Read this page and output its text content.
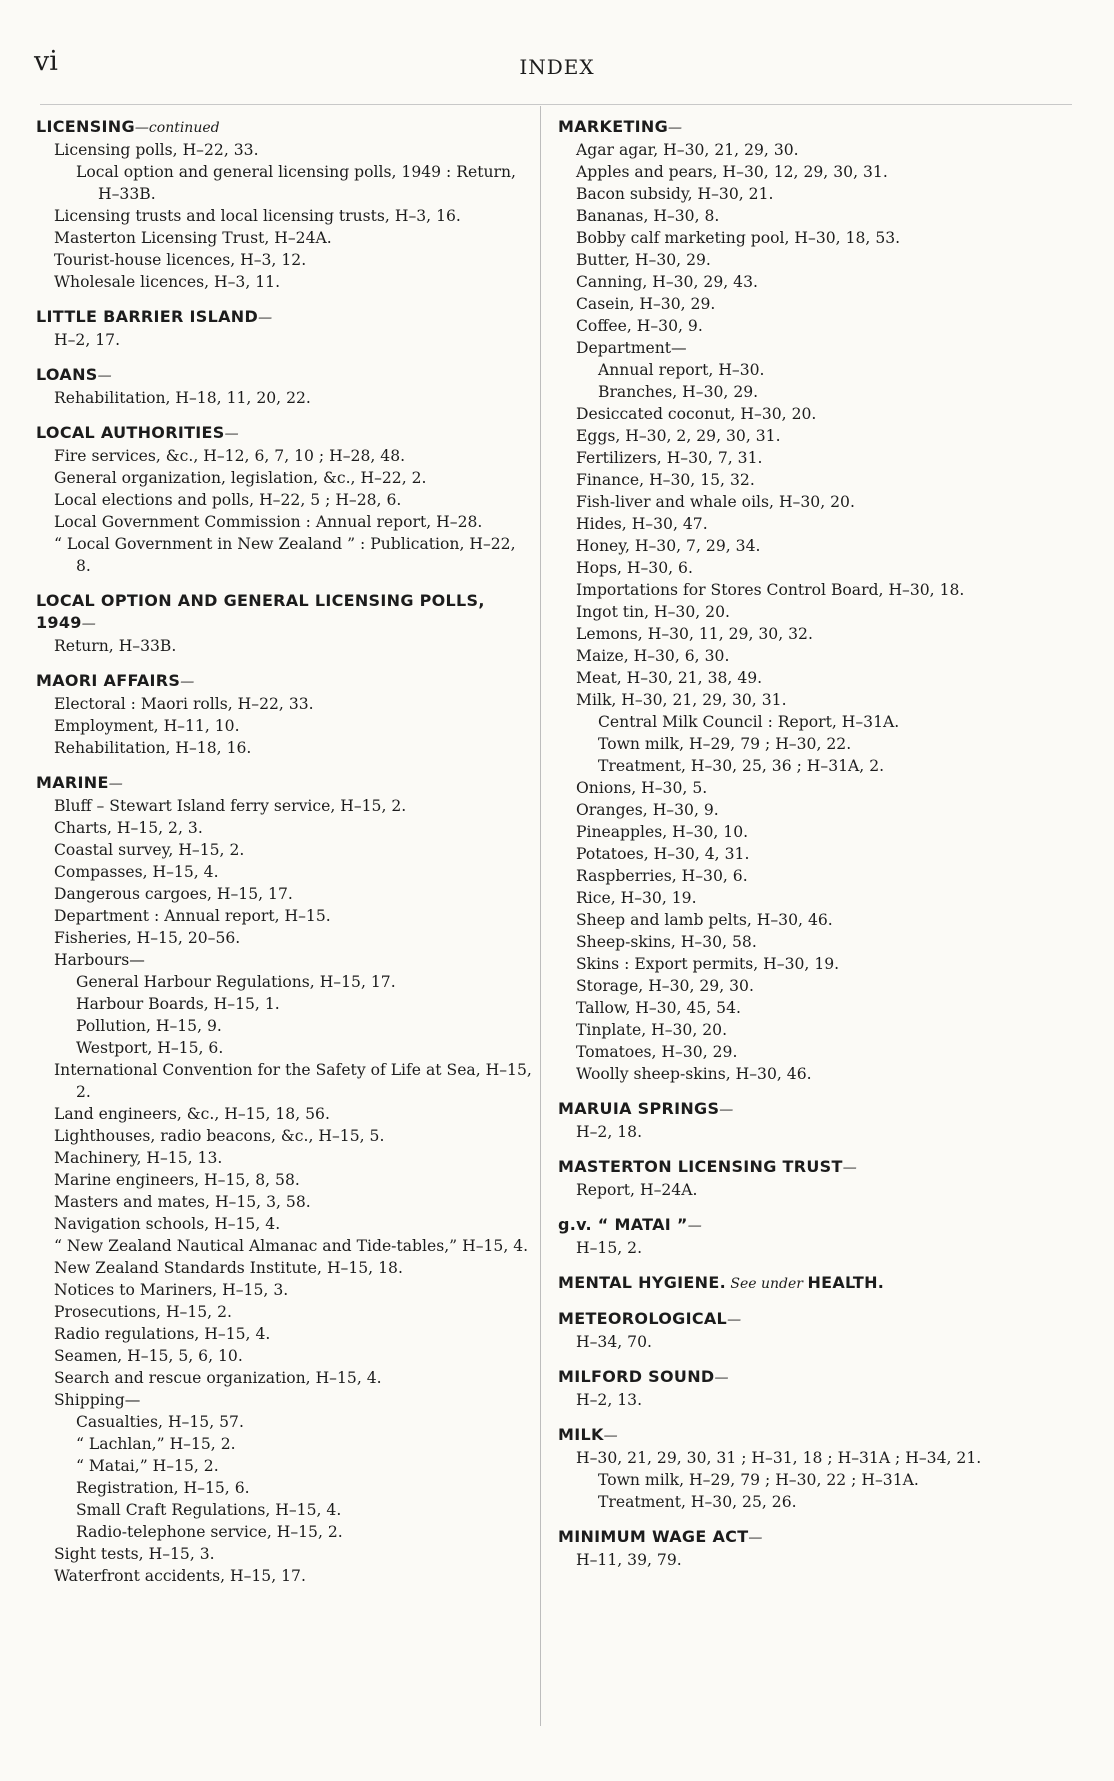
vi	INDEX
LICENSING—continued
Licensing polls, H–22, 33.
Local option and general licensing polls, 1949 : Return, H–33B.
Licensing trusts and local licensing trusts, H–3, 16.
Masterton Licensing Trust, H–24A.
Tourist-house licences, H–3, 12.
Wholesale licences, H–3, 11.
LITTLE BARRIER ISLAND—
H–2, 17.
LOANS—
Rehabilitation, H–18, 11, 20, 22.
LOCAL AUTHORITIES—
Fire services, &c., H–12, 6, 7, 10 ; H–28, 48.
General organization, legislation, &c., H–22, 2.
Local elections and polls, H–22, 5 ; H–28, 6.
Local Government Commission : Annual report, H–28.
“ Local Government in New Zealand ” : Publication, H–22, 8.
LOCAL OPTION AND GENERAL LICENSING POLLS, 1949—
Return, H–33B.
MAORI AFFAIRS—
Electoral : Maori rolls, H–22, 33.
Employment, H–11, 10.
Rehabilitation, H–18, 16.
MARINE—
Bluff – Stewart Island ferry service, H–15, 2.
Charts, H–15, 2, 3.
Coastal survey, H–15, 2.
Compasses, H–15, 4.
Dangerous cargoes, H–15, 17.
Department : Annual report, H–15.
Fisheries, H–15, 20–56.
Harbours—
General Harbour Regulations, H–15, 17.
Harbour Boards, H–15, 1.
Pollution, H–15, 9.
Westport, H–15, 6.
International Convention for the Safety of Life at Sea, H–15, 2.
Land engineers, &c., H–15, 18, 56.
Lighthouses, radio beacons, &c., H–15, 5.
Machinery, H–15, 13.
Marine engineers, H–15, 8, 58.
Masters and mates, H–15, 3, 58.
Navigation schools, H–15, 4.
“ New Zealand Nautical Almanac and Tide-tables,” H–15, 4.
New Zealand Standards Institute, H–15, 18.
Notices to Mariners, H–15, 3.
Prosecutions, H–15, 2.
Radio regulations, H–15, 4.
Seamen, H–15, 5, 6, 10.
Search and rescue organization, H–15, 4.
Shipping—
Casualties, H–15, 57.
“ Lachlan,” H–15, 2.
“ Matai,” H–15, 2.
Registration, H–15, 6.
Small Craft Regulations, H–15, 4.
Radio-telephone service, H–15, 2.
Sight tests, H–15, 3.
Waterfront accidents, H–15, 17.
MARKETING—
Agar agar, H–30, 21, 29, 30.
Apples and pears, H–30, 12, 29, 30, 31.
Bacon subsidy, H–30, 21.
Bananas, H–30, 8.
Bobby calf marketing pool, H–30, 18, 53.
Butter, H–30, 29.
Canning, H–30, 29, 43.
Casein, H–30, 29.
Coffee, H–30, 9.
Department—
Annual report, H–30.
Branches, H–30, 29.
Desiccated coconut, H–30, 20.
Eggs, H–30, 2, 29, 30, 31.
Fertilizers, H–30, 7, 31.
Finance, H–30, 15, 32.
Fish-liver and whale oils, H–30, 20.
Hides, H–30, 47.
Honey, H–30, 7, 29, 34.
Hops, H–30, 6.
Importations for Stores Control Board, H–30, 18.
Ingot tin, H–30, 20.
Lemons, H–30, 11, 29, 30, 32.
Maize, H–30, 6, 30.
Meat, H–30, 21, 38, 49.
Milk, H–30, 21, 29, 30, 31.
Central Milk Council : Report, H–31A.
Town milk, H–29, 79 ; H–30, 22.
Treatment, H–30, 25, 36 ; H–31A, 2.
Onions, H–30, 5.
Oranges, H–30, 9.
Pineapples, H–30, 10.
Potatoes, H–30, 4, 31.
Raspberries, H–30, 6.
Rice, H–30, 19.
Sheep and lamb pelts, H–30, 46.
Sheep-skins, H–30, 58.
Skins : Export permits, H–30, 19.
Storage, H–30, 29, 30.
Tallow, H–30, 45, 54.
Tinplate, H–30, 20.
Tomatoes, H–30, 29.
Woolly sheep-skins, H–30, 46.
MARUIA SPRINGS—
H–2, 18.
MASTERTON LICENSING TRUST—
Report, H–24A.
g.v. “ MATAI ”—
H–15, 2.
MENTAL HYGIENE. See under HEALTH.
METEOROLOGICAL—
H–34, 70.
MILFORD SOUND—
H–2, 13.
MILK—
H–30, 21, 29, 30, 31 ; H–31, 18 ; H–31A ; H–34, 21.
Town milk, H–29, 79 ; H–30, 22 ; H–31A.
Treatment, H–30, 25, 26.
MINIMUM WAGE ACT—
H–11, 39, 79.
